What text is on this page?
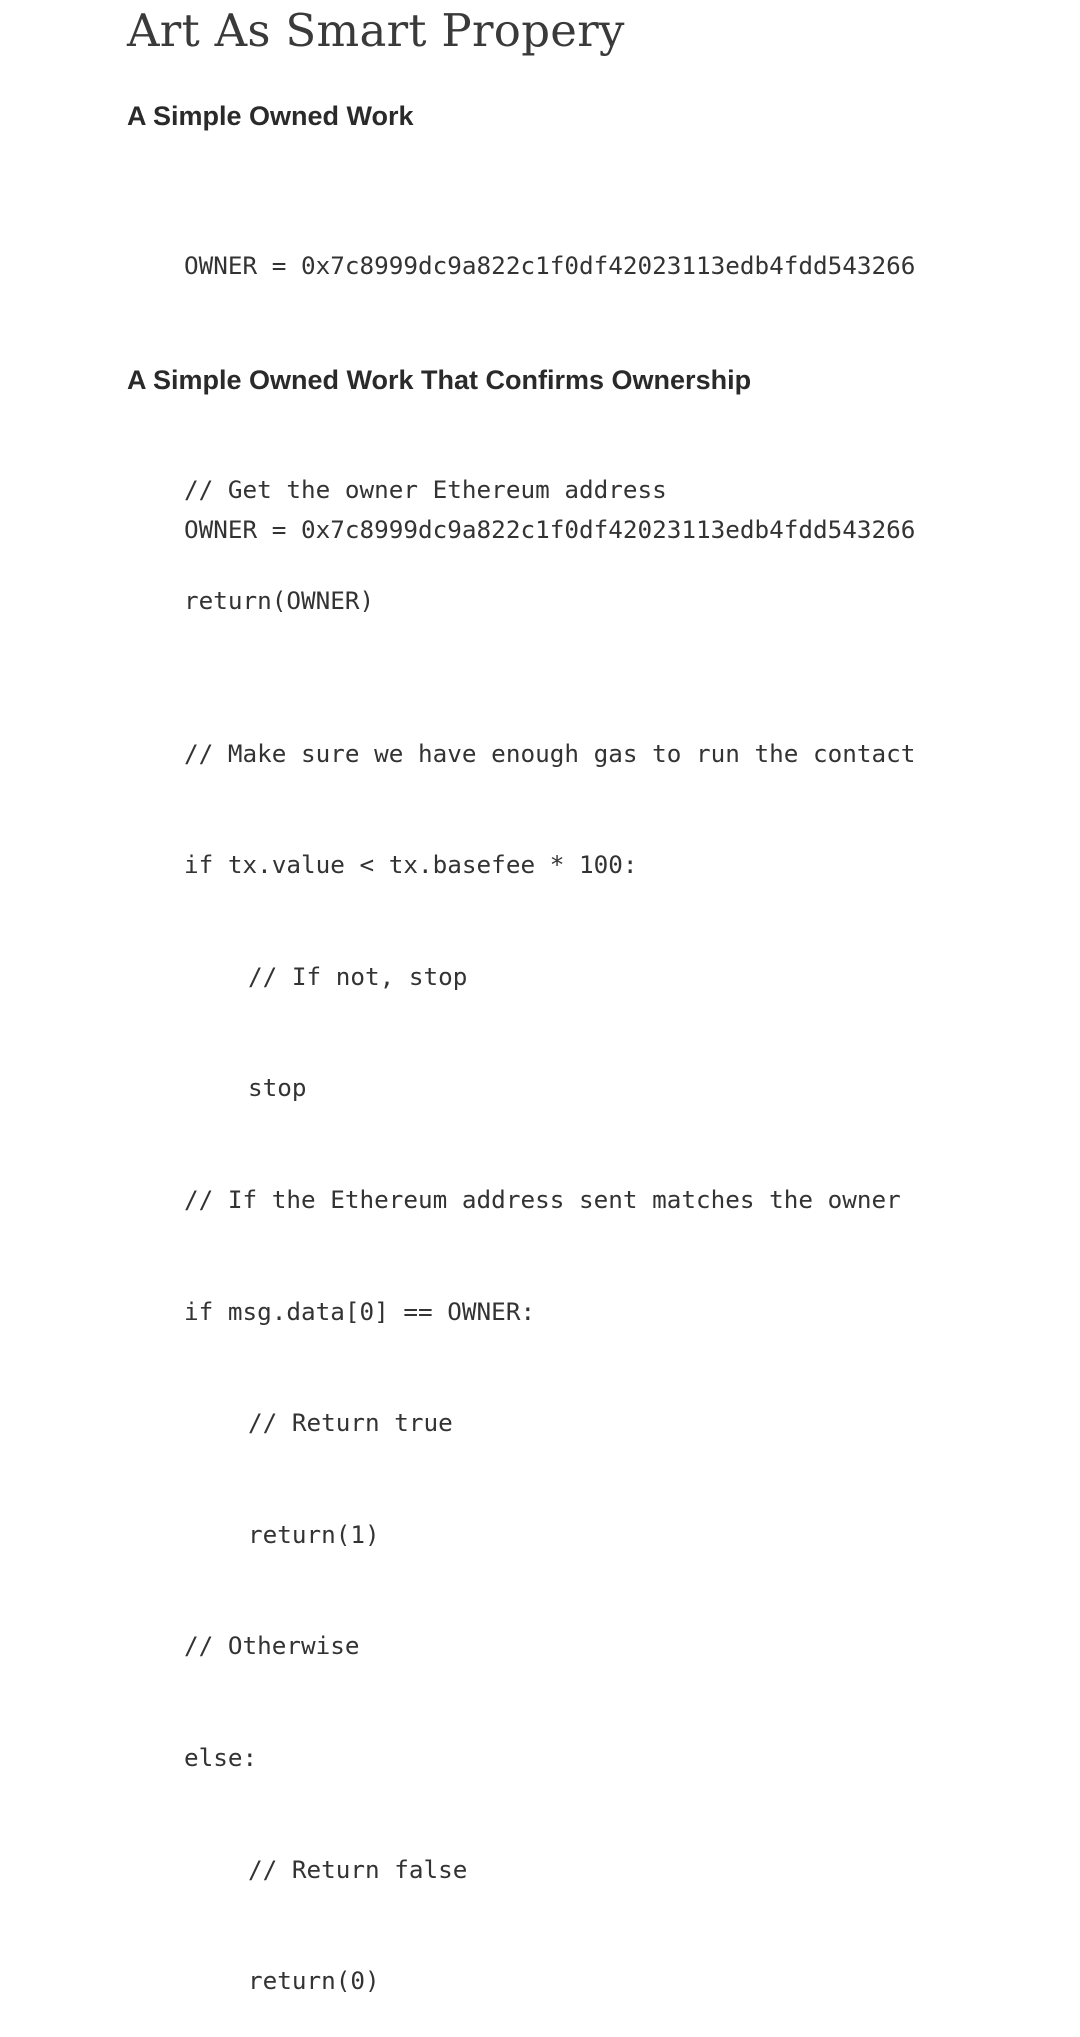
Art As Smart Propery
A Simple Owned Work

OWNER = 0x7c8999dc9a822c1f0df42023113edb4fdd543266

// Get the owner Ethereum address

return(OWNER)

A Simple Owned Work That Confirms Ownership

OWNER = 0x7c8999dc9a822c1f0df42023113edb4fdd543266

// Make sure we have enough gas to run the contact

if tx.value < tx.basefee * 100:

// If not, stop

stop

// If the Ethereum address sent matches the owner

if msg.data[0] == OWNER:

// Return true

return(1)

// Otherwise

else:

// Return false

return(0)
